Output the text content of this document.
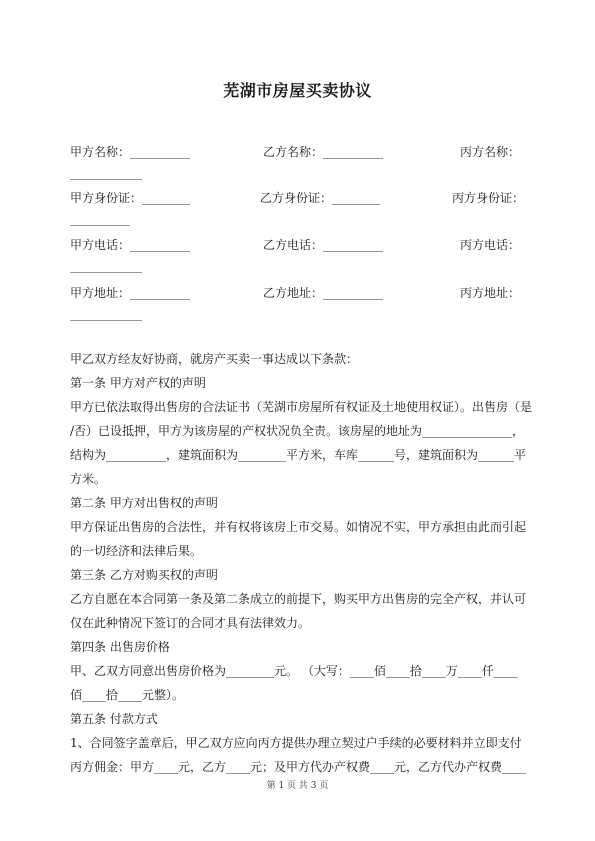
芜湖市房屋买卖协议
甲方名称：__________	乙方名称：__________	丙方名称：
____________
甲方身份证：________	乙方身份证：________	丙方身份证：
__________
甲方电话：__________	乙方电话：__________	丙方电话：
____________
甲方地址：__________	乙方地址：__________	丙方地址：
____________
甲乙双方经友好协商，就房产买卖一事达成以下条款：
第一条 甲方对产权的声明
甲方已依法取得出售房的合法证书（芜湖市房屋所有权证及土地使用权证）。出售房（是
/否）已设抵押，甲方为该房屋的产权状况负全责。该房屋的地址为_______________，
结构为__________，建筑面积为________平方米，车库______号，建筑面积为______平
方米。
第二条 甲方对出售权的声明
甲方保证出售房的合法性，并有权将该房上市交易。如情况不实，甲方承担由此而引起
的一切经济和法律后果。
第三条 乙方对购买权的声明
乙方自愿在本合同第一条及第二条成立的前提下，购买甲方出售房的完全产权，并认可
仅在此种情况下签订的合同才具有法律效力。
第四条 出售房价格
甲、乙双方同意出售房价格为________元。 （大写：____佰____拾____万____仟____
佰____拾____元整）。
第五条 付款方式
1、合同签字盖章后，甲乙双方应向丙方提供办理立契过户手续的必要材料并立即支付
丙方佣金：甲方____元，乙方____元；及甲方代办产权费____元，乙方代办产权费____
第 1 页 共 3 页
